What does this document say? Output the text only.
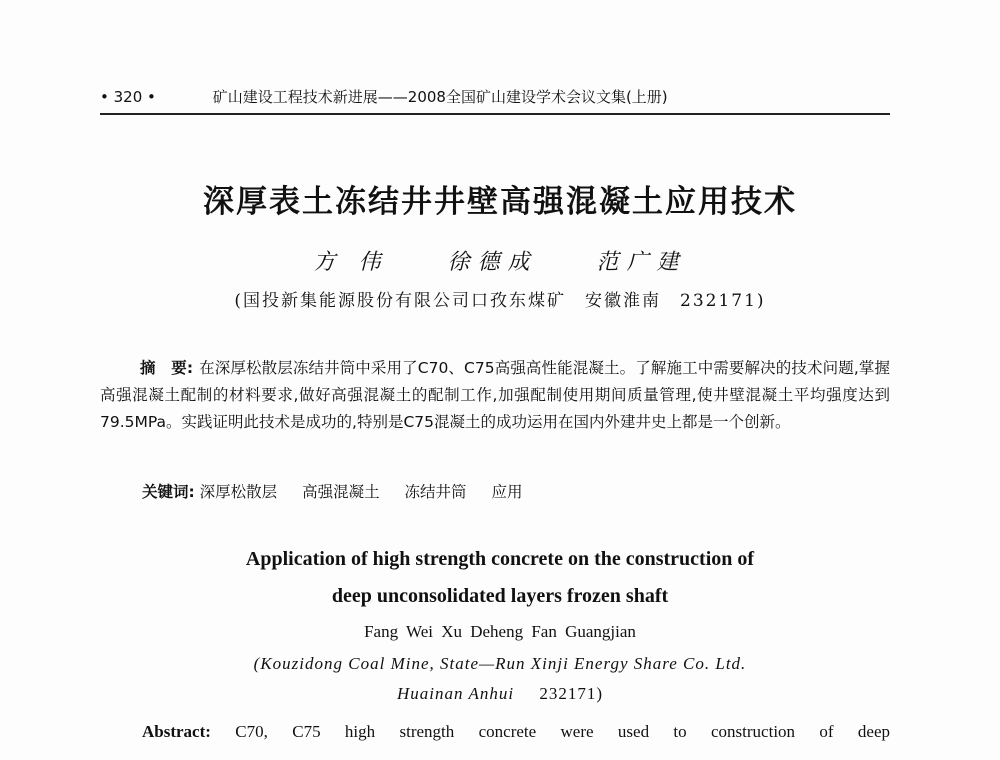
• 320 •	矿山建设工程技术新进展——2008全国矿山建设学术会议文集(上册)
深厚表土冻结井井壁高强混凝土应用技术
方 伟	徐德成	范广建
(国投新集能源股份有限公司口孜东煤矿　安徽淮南　232171)
摘　要: 在深厚松散层冻结井筒中采用了C70、C75高强高性能混凝土。了解施工中需要解决的技术问题,掌握高强混凝土配制的材料要求,做好高强混凝土的配制工作,加强配制使用期间质量管理,使井壁混凝土平均强度达到79.5MPa。实践证明此技术是成功的,特别是C75混凝土的成功运用在国内外建井史上都是一个创新。
关键词: 深厚松散层 高强混凝土 冻结井筒 应用
Application of high strength concrete on the construction of
deep unconsolidated layers frozen shaft
Fang Wei Xu Deheng Fan Guangjian
(Kouzidong Coal Mine, State—Run Xinji Energy Share Co. Ltd.
Huainan Anhui 232171)
Abstract: C70, C75 high strength concrete were used to construction of deep
